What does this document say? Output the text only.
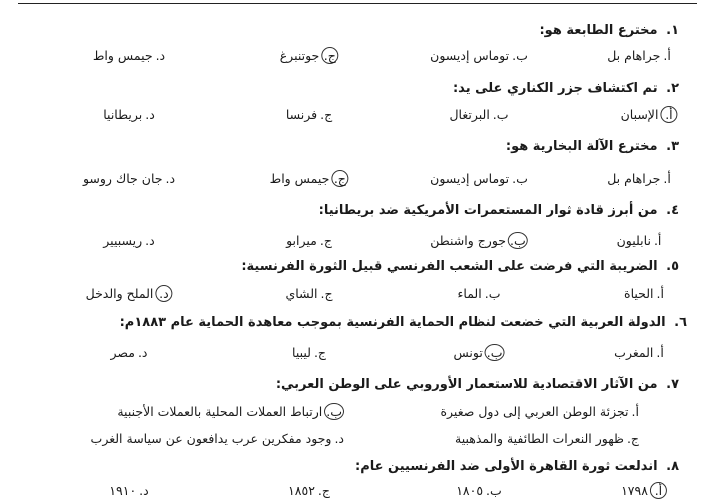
١. مخترع الطابعة هو:
أ.جراهام بل
ب.توماس إديسون
ج.جوتنبرغ
د.جيمس واط
٢. تم اكتشاف جزر الكناري على يد:
أ.الإسبان
ب.البرتغال
ج.فرنسا
د.بريطانيا
٣. مخترع الآلة البخارية هو:
أ.جراهام بل
ب.توماس إديسون
ج.جيمس واط
د.جان جاك روسو
٤. من أبرز قادة ثوار المستعمرات الأمريكية ضد بريطانيا:
أ.نابليون
ب.جورج واشنطن
ج.ميرابو
د.ريسبيير
٥. الضريبة التي فرضت على الشعب الفرنسي قبيل الثورة الفرنسية:
أ.الحياة
ب.الماء
ج.الشاي
د.الملح والدخل
٦. الدولة العربية التي خضعت لنظام الحماية الفرنسية بموجب معاهدة الحماية عام ١٨٨٣م:
أ.المغرب
ب.تونس
ج.ليبيا
د.مصر
٧. من الآثار الاقتصادية للاستعمار الأوروبي على الوطن العربي:
أ.تجزئة الوطن العربي إلى دول صغيرة
ب.ارتباط العملات المحلية بالعملات الأجنبية
ج.ظهور النعرات الطائفية والمذهبية
د.وجود مفكرين عرب يدافعون عن سياسة الغرب
٨. اندلعت ثورة القاهرة الأولى ضد الفرنسيين عام:
أ.١٧٩٨
ب.١٨٠٥
ج.١٨٥٢
د.١٩١٠
